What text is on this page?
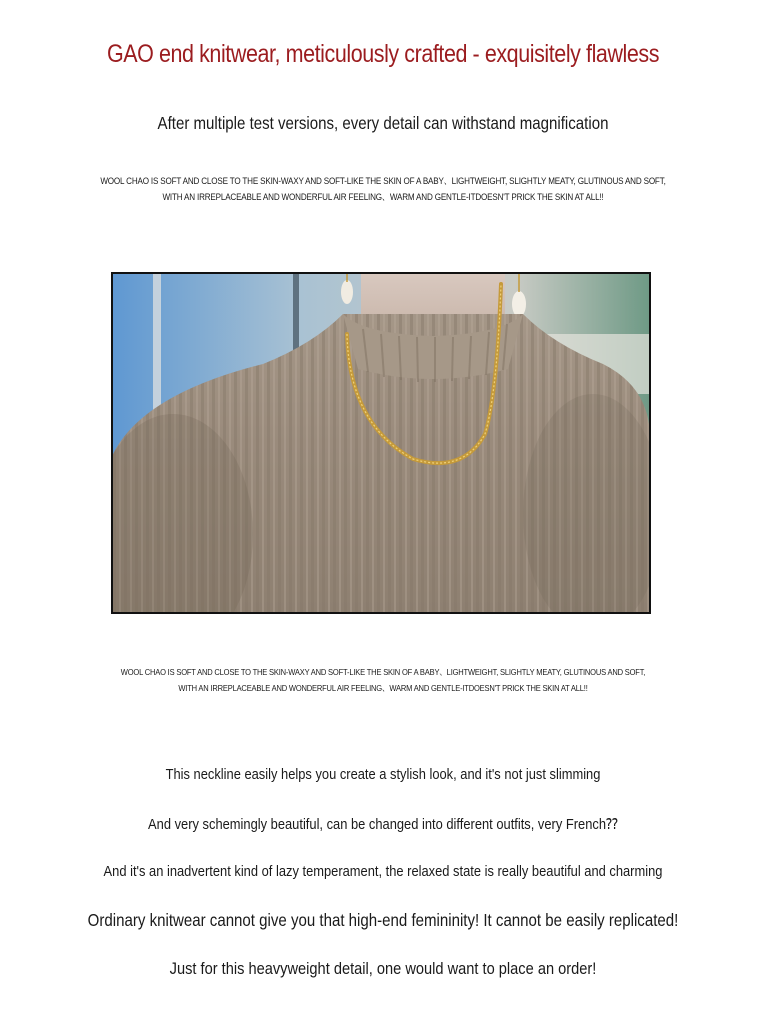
GAO end knitwear, meticulously crafted - exquisitely flawless
After multiple test versions, every detail can withstand magnification
WOOL CHAO IS SOFT AND CLOSE TO THE SKIN-WAXY AND SOFT-LIKE THE SKIN OF A BABY、LIGHTWEIGHT, SLIGHTLY MEATY, GLUTINOUS AND SOFT,
WITH AN IRREPLACEABLE AND WONDERFUL AIR FEELING、WARM AND GENTLE-ITDOESN'T PRICK THE SKIN AT ALL!!
WOOL CHAO IS SOFT AND CLOSE TO THE SKIN-WAXY AND SOFT-LIKE THE SKIN OF A BABY、LIGHTWEIGHT, SLIGHTLY MEATY, GLUTINOUS AND SOFT,
WITH AN IRREPLACEABLE AND WONDERFUL AIR FEELING、WARM AND GENTLE-ITDOESN'T PRICK THE SKIN AT ALL!!
This neckline easily helps you create a stylish look, and it's not just slimming
And very schemingly beautiful, can be changed into different outfits, very French⁇
And it's an inadvertent kind of lazy temperament, the relaxed state is really beautiful and charming
Ordinary knitwear cannot give you that high-end femininity! It cannot be easily replicated!
Just for this heavyweight detail, one would want to place an order!
